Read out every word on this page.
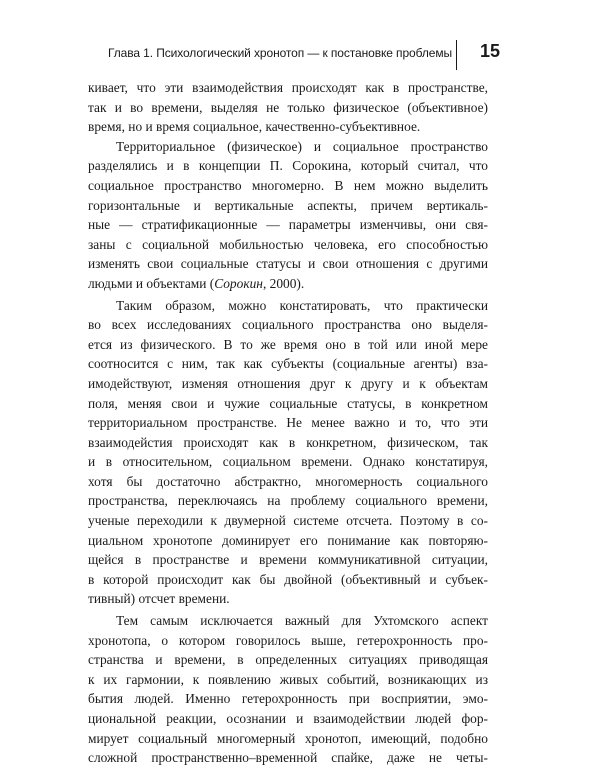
Глава 1. Психологический хронотоп — к постановке проблемы 15
кивает, что эти взаимодействия происходят как в пространстве,
так и во времени, выделяя не только физическое (объективное)
время, но и время социальное, качественно-субъективное.
Территориальное (физическое) и социальное пространство
разделялись и в концепции П. Сорокина, который считал, что
социальное пространство многомерно. В нем можно выделить
горизонтальные и вертикальные аспекты, причем вертикаль-
ные — стратификационные — параметры изменчивы, они свя-
заны с социальной мобильностью человека, его способностью
изменять свои социальные статусы и свои отношения с другими
людьми и объектами (Сорокин, 2000).
Таким образом, можно констатировать, что практически
во всех исследованиях социального пространства оно выделя-
ется из физического. В то же время оно в той или иной мере
соотносится с ним, так как субъекты (социальные агенты) вза-
имодействуют, изменяя отношения друг к другу и к объектам
поля, меняя свои и чужие социальные статусы, в конкретном
территориальном пространстве. Не менее важно и то, что эти
взаимодейстия происходят как в конкретном, физическом, так
и в относительном, социальном времени. Однако констатируя,
хотя бы достаточно абстрактно, многомерность социального
пространства, переключаясь на проблему социального времени,
ученые переходили к двумерной системе отсчета. Поэтому в со-
циальном хронотопе доминирует его понимание как повторяю-
щейся в пространстве и времени коммуникативной ситуации,
в которой происходит как бы двойной (объективный и субъек-
тивный) отсчет времени.
Тем самым исключается важный для Ухтомского аспект
хронотопа, о котором говорилось выше, гетерохронность про-
странства и времени, в определенных ситуациях приводящая
к их гармонии, к появлению живых событий, возникающих из
бытия людей. Именно гетерохронность при восприятии, эмо-
циональной реакции, осознании и взаимодействии людей фор-
мирует социальный многомерный хронотоп, имеющий, подобно
сложной пространственно–временной спайке, даже не четы-
